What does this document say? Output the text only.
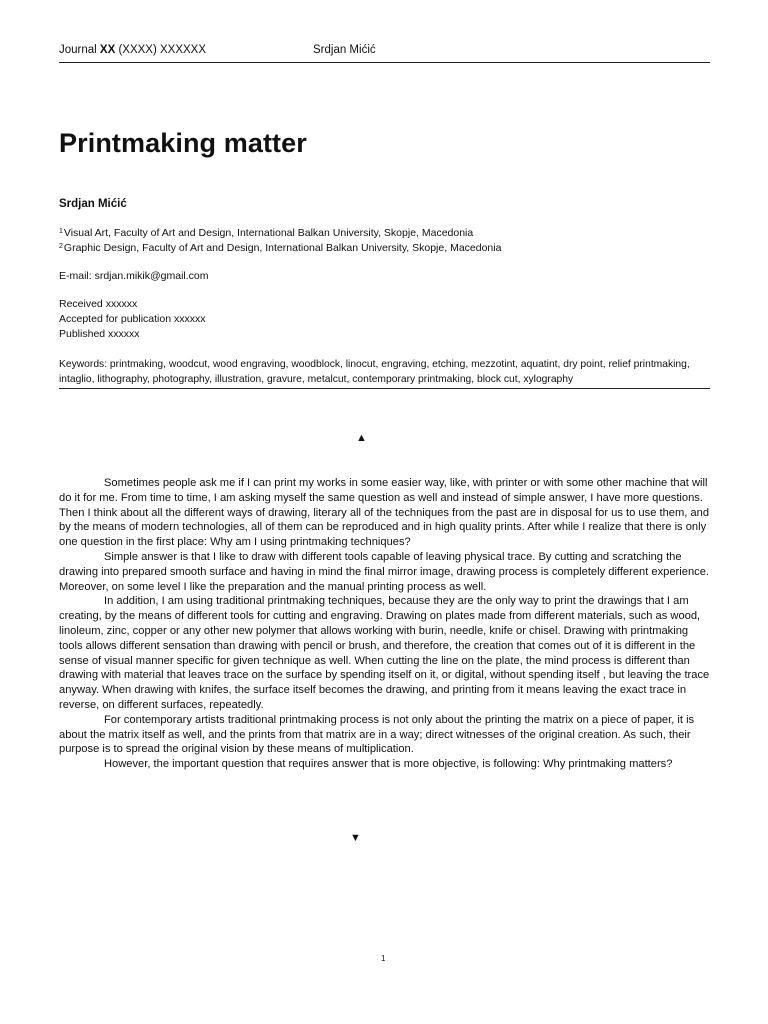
Journal XX (XXXX) XXXXXX	Srdjan Mićić
Printmaking matter
Srdjan Mićić
$^1$Visual Art, Faculty of Art and Design, International Balkan University, Skopje, Macedonia
$^2$Graphic Design, Faculty of Art and Design, International Balkan University, Skopje, Macedonia
E-mail: srdjan.mikik@gmail.com
Received xxxxxx
Accepted for publication xxxxxx
Published xxxxxx
Keywords: printmaking, woodcut, wood engraving, woodblock, linocut, engraving, etching, mezzotint, aquatint, dry point, relief printmaking, intaglio, lithography, photography, illustration, gravure, metalcut, contemporary printmaking, block cut, xylography
▲

Sometimes people ask me if I can print my works in some easier way, like, with printer or with some other machine that will do it for me. From time to time, I am asking myself the same question as well and instead of simple answer, I have more questions. Then I think about all the different ways of drawing, literary all of the techniques from the past are in disposal for us to use them, and by the means of modern technologies, all of them can be reproduced and in high quality prints. After while I realize that there is only one question in the first place: Why am I using printmaking techniques?

Simple answer is that I like to draw with different tools capable of leaving physical trace. By cutting and scratching the drawing into prepared smooth surface and having in mind the final mirror image, drawing process is completely different experience. Moreover, on some level I like the preparation and the manual printing process as well.

In addition, I am using traditional printmaking techniques, because they are the only way to print the drawings that I am creating, by the means of different tools for cutting and engraving. Drawing on plates made from different materials, such as wood, linoleum, zinc, copper or any other new polymer that allows working with burin, needle, knife or chisel. Drawing with printmaking tools allows different sensation than drawing with pencil or brush, and therefore, the creation that comes out of it is different in the sense of visual manner specific for given technique as well. When cutting the line on the plate, the mind process is different than drawing with material that leaves trace on the surface by spending itself on it, or digital, without spending itself , but leaving the trace anyway. When drawing with knifes, the surface itself becomes the drawing, and printing from it means leaving the exact trace in reverse, on different surfaces, repeatedly.

For contemporary artists traditional printmaking process is not only about the printing the matrix on a piece of paper, it is about the matrix itself as well, and the prints from that matrix are in a way; direct witnesses of the original creation. As such, their purpose is to spread the original vision by these means of multiplication.

However, the important question that requires answer that is more objective, is following: Why printmaking matters?

▼
1
